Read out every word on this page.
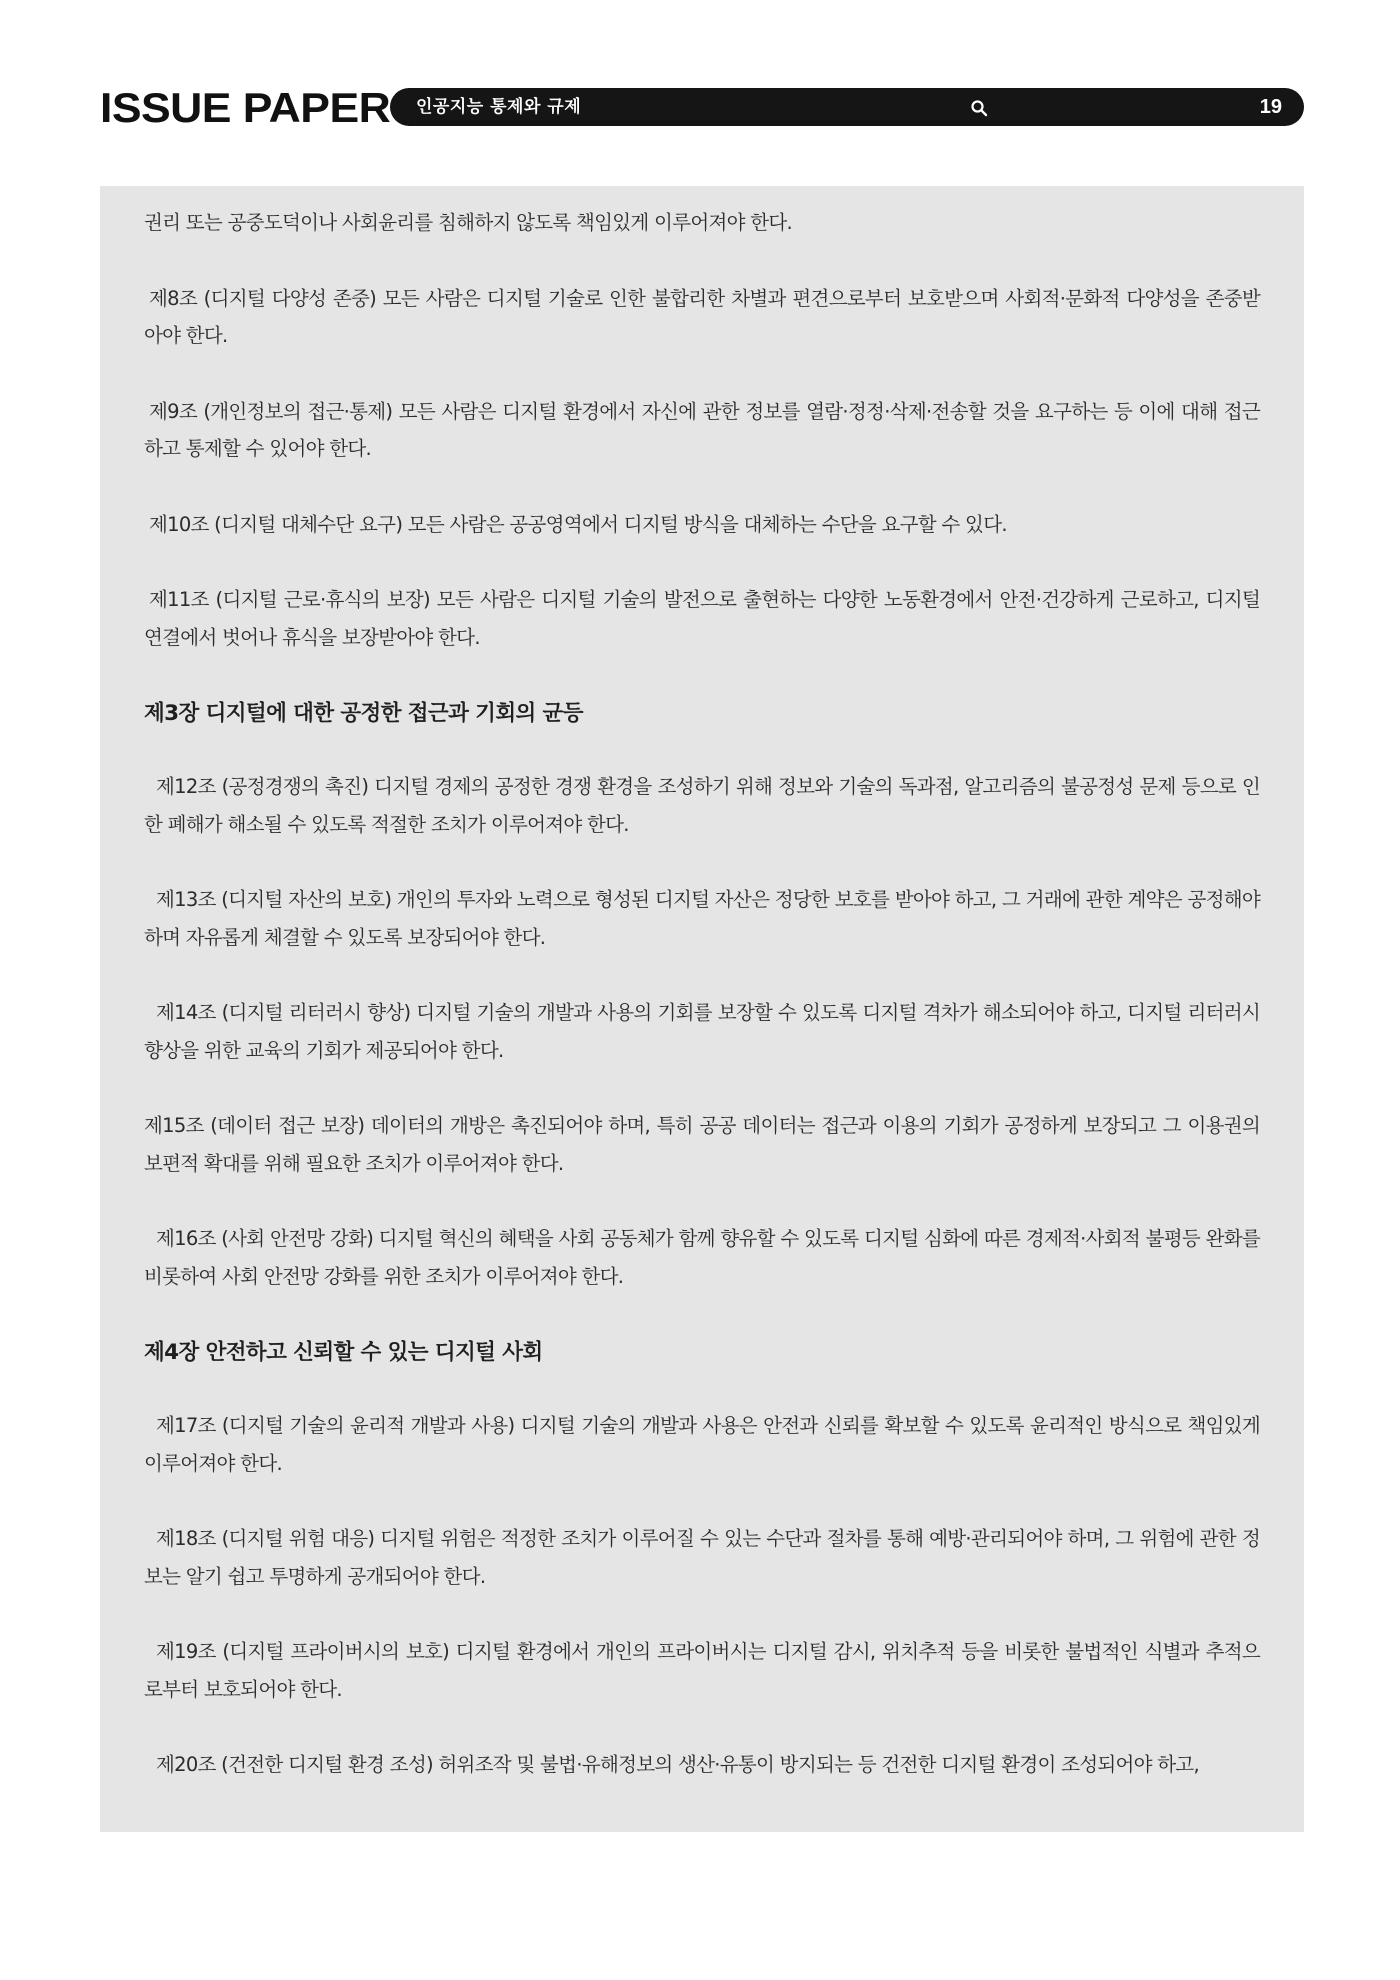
ISSUE PAPER 인공지능 통제와 규제	19

권리 또는 공중도덕이나 사회윤리를 침해하지 않도록 책임있게 이루어져야 한다.

제8조 (디지털 다양성 존중) 모든 사람은 디지털 기술로 인한 불합리한 차별과 편견으로부터 보호받으며 사회적·문화적 다양성을 존중받아야 한다.

제9조 (개인정보의 접근·통제) 모든 사람은 디지털 환경에서 자신에 관한 정보를 열람·정정·삭제·전송할 것을 요구하는 등 이에 대해 접근하고 통제할 수 있어야 한다.

제10조 (디지털 대체수단 요구) 모든 사람은 공공영역에서 디지털 방식을 대체하는 수단을 요구할 수 있다.

제11조 (디지털 근로·휴식의 보장) 모든 사람은 디지털 기술의 발전으로 출현하는 다양한 노동환경에서 안전·건강하게 근로하고, 디지털 연결에서 벗어나 휴식을 보장받아야 한다.

제3장 디지털에 대한 공정한 접근과 기회의 균등

제12조 (공정경쟁의 촉진) 디지털 경제의 공정한 경쟁 환경을 조성하기 위해 정보와 기술의 독과점, 알고리즘의 불공정성 문제 등으로 인한 폐해가 해소될 수 있도록 적절한 조치가 이루어져야 한다.

제13조 (디지털 자산의 보호) 개인의 투자와 노력으로 형성된 디지털 자산은 정당한 보호를 받아야 하고, 그 거래에 관한 계약은 공정해야 하며 자유롭게 체결할 수 있도록 보장되어야 한다.

제14조 (디지털 리터러시 향상) 디지털 기술의 개발과 사용의 기회를 보장할 수 있도록 디지털 격차가 해소되어야 하고, 디지털 리터러시 향상을 위한 교육의 기회가 제공되어야 한다.

제15조 (데이터 접근 보장) 데이터의 개방은 촉진되어야 하며, 특히 공공 데이터는 접근과 이용의 기회가 공정하게 보장되고 그 이용권의 보편적 확대를 위해 필요한 조치가 이루어져야 한다.

제16조 (사회 안전망 강화) 디지털 혁신의 혜택을 사회 공동체가 함께 향유할 수 있도록 디지털 심화에 따른 경제적·사회적 불평등 완화를 비롯하여 사회 안전망 강화를 위한 조치가 이루어져야 한다.

제4장 안전하고 신뢰할 수 있는 디지털 사회

제17조 (디지털 기술의 윤리적 개발과 사용) 디지털 기술의 개발과 사용은 안전과 신뢰를 확보할 수 있도록 윤리적인 방식으로 책임있게 이루어져야 한다.

제18조 (디지털 위험 대응) 디지털 위험은 적정한 조치가 이루어질 수 있는 수단과 절차를 통해 예방·관리되어야 하며, 그 위험에 관한 정보는 알기 쉽고 투명하게 공개되어야 한다.

제19조 (디지털 프라이버시의 보호) 디지털 환경에서 개인의 프라이버시는 디지털 감시, 위치추적 등을 비롯한 불법적인 식별과 추적으로부터 보호되어야 한다.

제20조 (건전한 디지털 환경 조성) 허위조작 및 불법·유해정보의 생산·유통이 방지되는 등 건전한 디지털 환경이 조성되어야 하고,
